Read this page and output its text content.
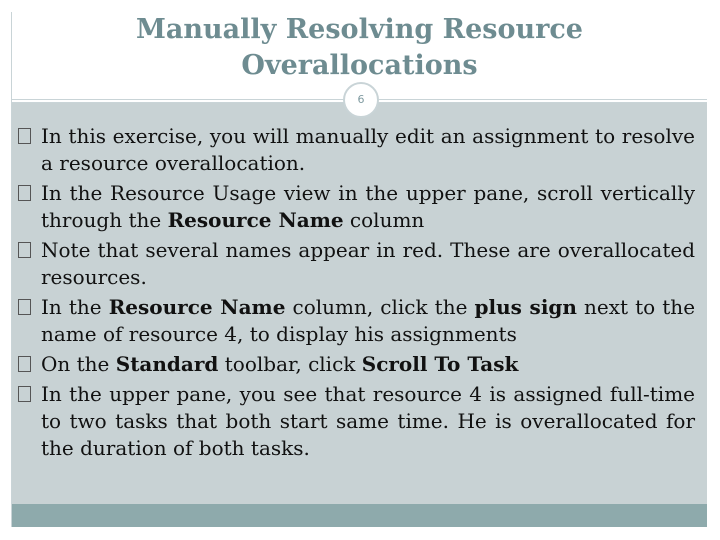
Manually Resolving Resource
Overallocations
6
In this exercise, you will manually edit an assignment to resolve a resource overallocation.
In the Resource Usage view in the upper pane, scroll vertically through the Resource Name column
Note that several names appear in red. These are overallocated resources.
In the Resource Name column, click the plus sign next to the name of resource 4, to display his assignments
On the Standard toolbar, click Scroll To Task
In the upper pane, you see that resource 4 is assigned full-time to two tasks that both start same time. He is overallocated for the duration of both tasks.
